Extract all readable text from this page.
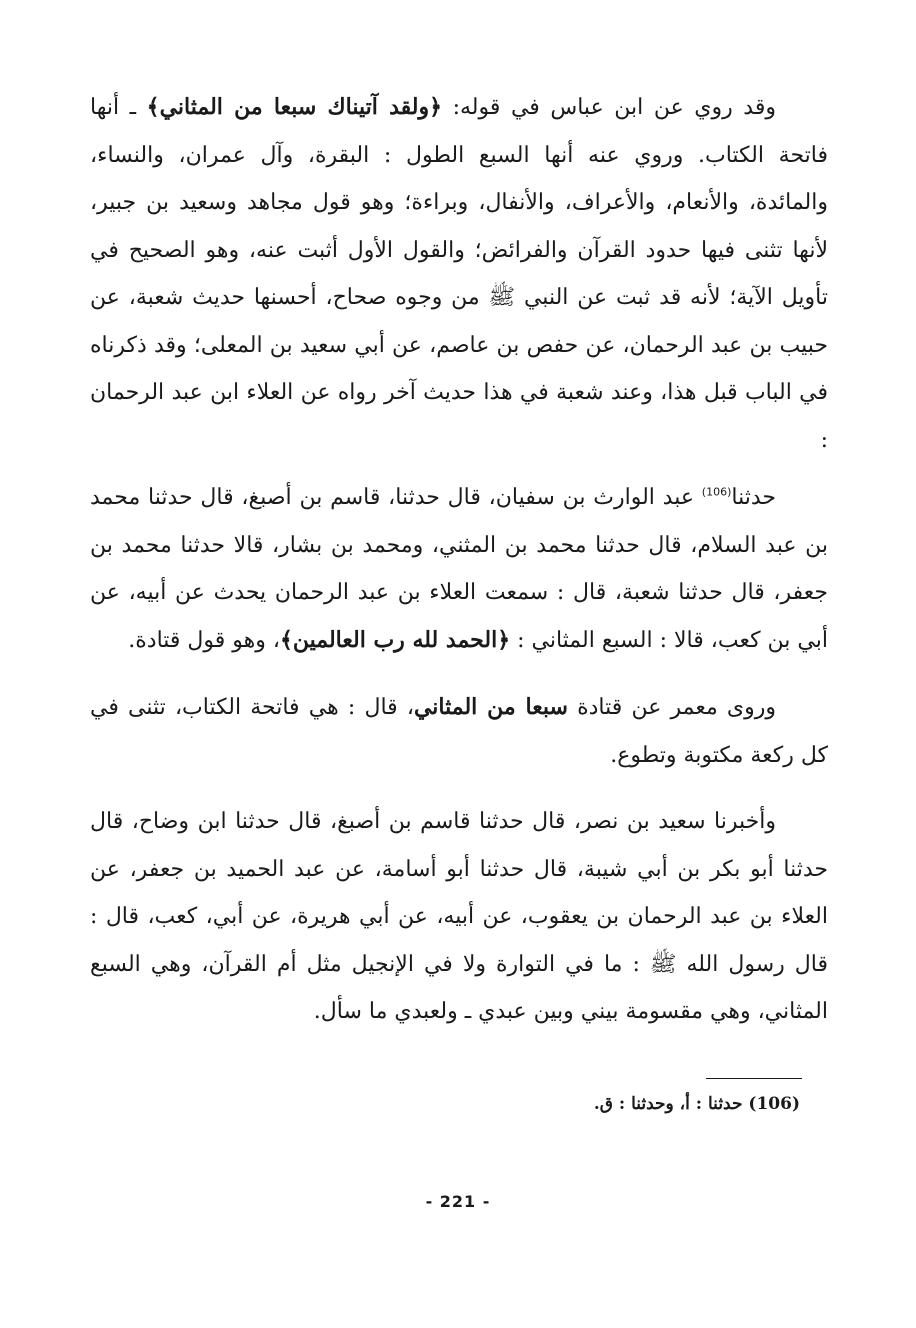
وقد روي عن ابن عباس في قوله: ﴿ولقد آتيناك سبعا من المثاني﴾ ـ أنها فاتحة الكتاب. وروي عنه أنها السبع الطول : البقرة، وآل عمران، والنساء، والمائدة، والأنعام، والأعراف، والأنفال، وبراءة؛ وهو قول مجاهد وسعيد بن جبير، لأنها تثنى فيها حدود القرآن والفرائض؛ والقول الأول أثبت عنه، وهو الصحيح في تأويل الآية؛ لأنه قد ثبت عن النبي ﷺ من وجوه صحاح، أحسنها حديث شعبة، عن حبيب بن عبد الرحمان، عن حفص بن عاصم، عن أبي سعيد بن المعلى؛ وقد ذكرناه في الباب قبل هذا، وعند شعبة في هذا حديث آخر رواه عن العلاء ابن عبد الرحمان :

حدثنا$^{(106)}$ عبد الوارث بن سفيان، قال حدثنا، قاسم بن أصبغ، قال حدثنا محمد بن عبد السلام، قال حدثنا محمد بن المثني، ومحمد بن بشار، قالا حدثنا محمد بن جعفر، قال حدثنا شعبة، قال : سمعت العلاء بن عبد الرحمان يحدث عن أبيه، عن أبي بن كعب، قالا : السبع المثاني : ﴿الحمد لله رب العالمين﴾، وهو قول قتادة.

وروى معمر عن قتادة سبعا من المثاني، قال : هي فاتحة الكتاب، تثنى في كل ركعة مكتوبة وتطوع.

وأخبرنا سعيد بن نصر، قال حدثنا قاسم بن أصبغ، قال حدثنا ابن وضاح، قال حدثنا أبو بكر بن أبي شيبة، قال حدثنا أبو أسامة، عن عبد الحميد بن جعفر، عن العلاء بن عبد الرحمان بن يعقوب، عن أبيه، عن أبي هريرة، عن أبي، كعب، قال : قال رسول الله ﷺ : ما في التوارة ولا في الإنجيل مثل أم القرآن، وهي السبع المثاني، وهي مقسومة بيني وبين عبدي ـ ولعبدي ما سأل.

(106) حدثنا : أ، وحدثنا : ق.
- 221 -
